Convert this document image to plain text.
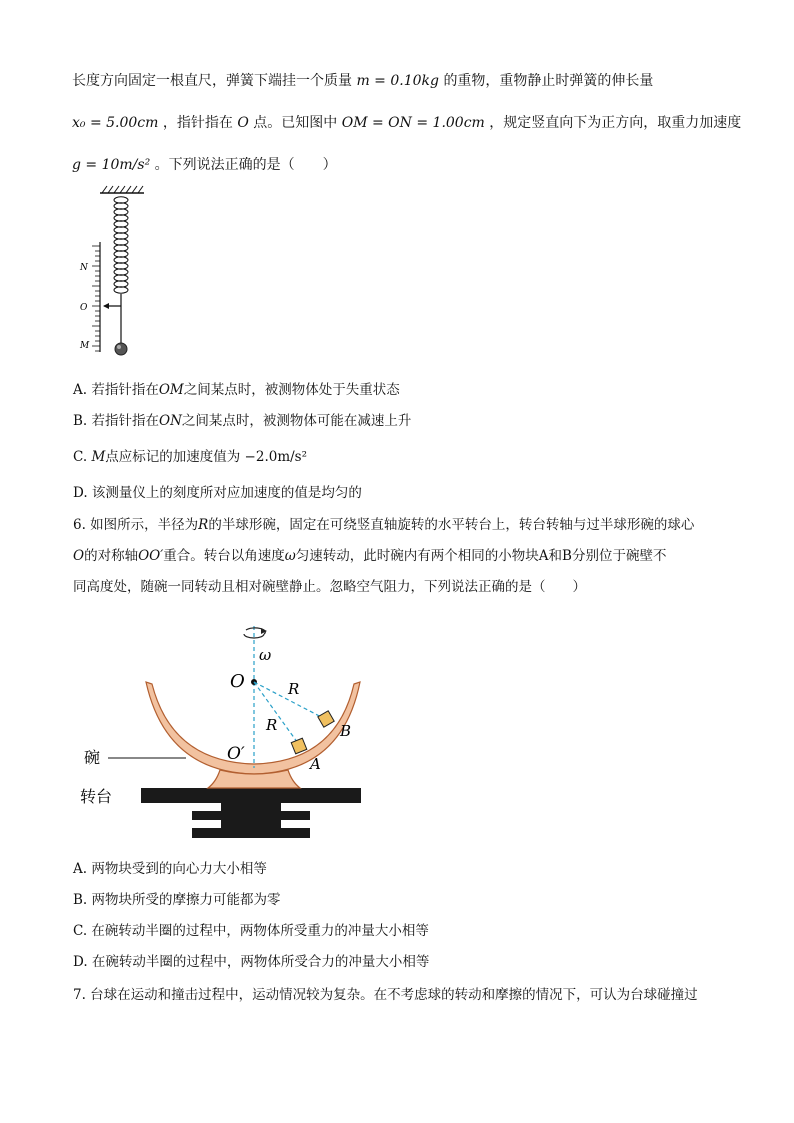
长度方向固定一根直尺，弹簧下端挂一个质量 m = 0.10kg 的重物，重物静止时弹簧的伸长量
x₀ = 5.00cm ，指针指在 O 点。已知图中 OM = ON = 1.00cm ，规定竖直向下为正方向，取重力加速度
g = 10m/s² 。下列说法正确的是（　　）
N
O
M
A. 若指针指在OM之间某点时，被测物体处于失重状态
B. 若指针指在ON之间某点时，被测物体可能在减速上升
C. M点应标记的加速度值为 −2.0m/s²
D. 该测量仪上的刻度所对应加速度的值是均匀的
6. 如图所示，半径为R的半球形碗，固定在可绕竖直轴旋转的水平转台上，转台转轴与过半球形碗的球心
O的对称轴OO′重合。转台以角速度ω匀速转动，此时碗内有两个相同的小物块A和B分别位于碗壁不
同高度处，随碗一同转动且相对碗壁静止。忽略空气阻力，下列说法正确的是（　　）
ω
O	R
R	B
A
O′
碗
转台
A. 两物块受到的向心力大小相等
B. 两物块所受的摩擦力可能都为零
C. 在碗转动半圈的过程中，两物体所受重力的冲量大小相等
D. 在碗转动半圈的过程中，两物体所受合力的冲量大小相等
7. 台球在运动和撞击过程中，运动情况较为复杂。在不考虑球的转动和摩擦的情况下，可认为台球碰撞过
